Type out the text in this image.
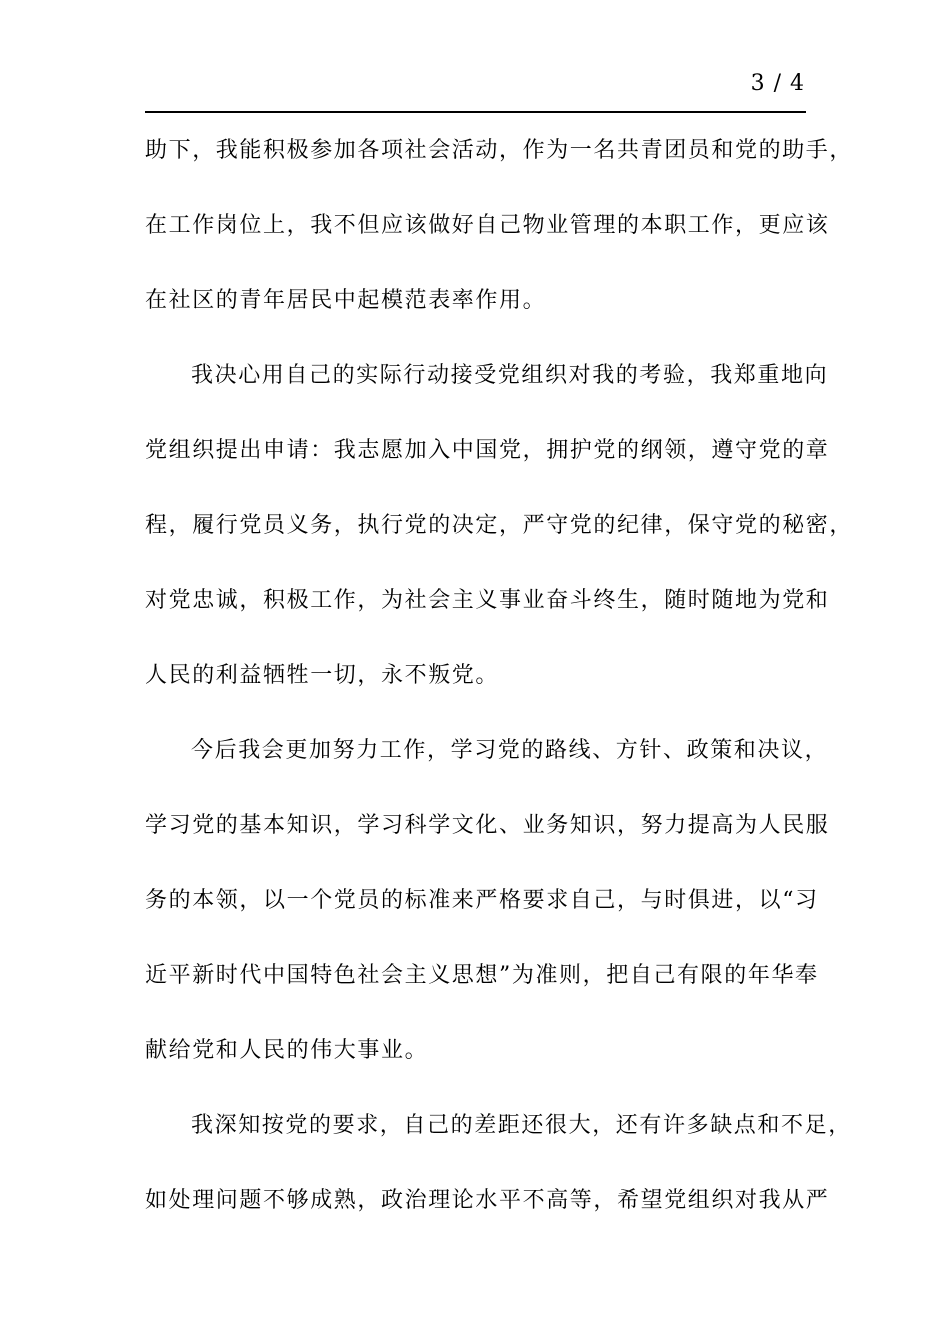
3 / 4
助下，我能积极参加各项社会活动，作为一名共青团员和党的助手，
在工作岗位上，我不但应该做好自己物业管理的本职工作，更应该
在社区的青年居民中起模范表率作用。
我决心用自己的实际行动接受党组织对我的考验，我郑重地向
党组织提出申请：我志愿加入中国党，拥护党的纲领，遵守党的章
程，履行党员义务，执行党的决定，严守党的纪律，保守党的秘密，
对党忠诚，积极工作，为社会主义事业奋斗终生，随时随地为党和
人民的利益牺牲一切，永不叛党。
今后我会更加努力工作，学习党的路线、方针、政策和决议，
学习党的基本知识，学习科学文化、业务知识，努力提高为人民服
务的本领，以一个党员的标准来严格要求自己，与时俱进，以“习
近平新时代中国特色社会主义思想”为准则，把自己有限的年华奉
献给党和人民的伟大事业。
我深知按党的要求，自己的差距还很大，还有许多缺点和不足，
如处理问题不够成熟，政治理论水平不高等，希望党组织对我从严
